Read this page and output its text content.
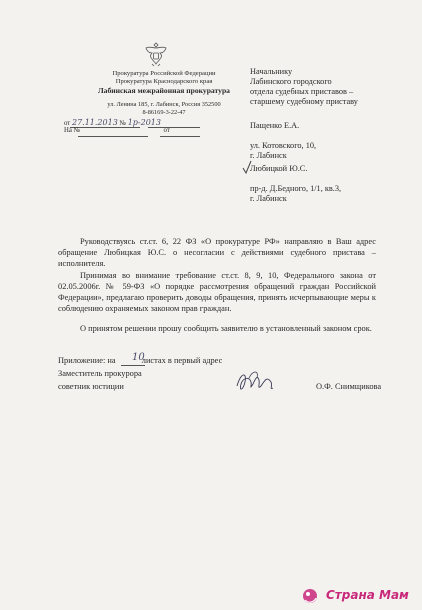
Прокуратура Российской Федерации
Прокуратура Краснодарского края
Лабинская межрайонная прокуратура
ул. Ленина 185, г. Лабинск, Россия 352500
8-86169-3-22-47
от 27.11.2013 № 1р-2013
На №	от
Начальнику
Лабинского городского
отдела судебных приставов –
старшему судебному приставу
Пащенко Е.А.
ул. Котовского, 10,
г. Лабинск
Любицкой Ю.С.
пр-д. Д.Бедного, 1/1, кв.3,
г. Лабинск
Руководствуясь ст.ст. 6, 22 ФЗ «О прокуратуре РФ» направляю в Ваш адрес обращение Любицкая Ю.С. о несогласии с действиями судебного пристава – исполнителя.
Принимая во внимание требование ст.ст. 8, 9, 10, Федерального закона от 02.05.2006г. № 59-ФЗ «О порядке рассмотрения обращений граждан Российской Федерации», предлагаю проверить доводы обращения, принять исчерпывающие меры к соблюдению охраняемых законом прав граждан.
О принятом решении прошу сообщить заявителю в установленный законом срок.
Приложение: на	листах в первый адрес
10
Заместитель прокурора
советник юстиции	О.Ф. Снимщикова
Страна Мам
